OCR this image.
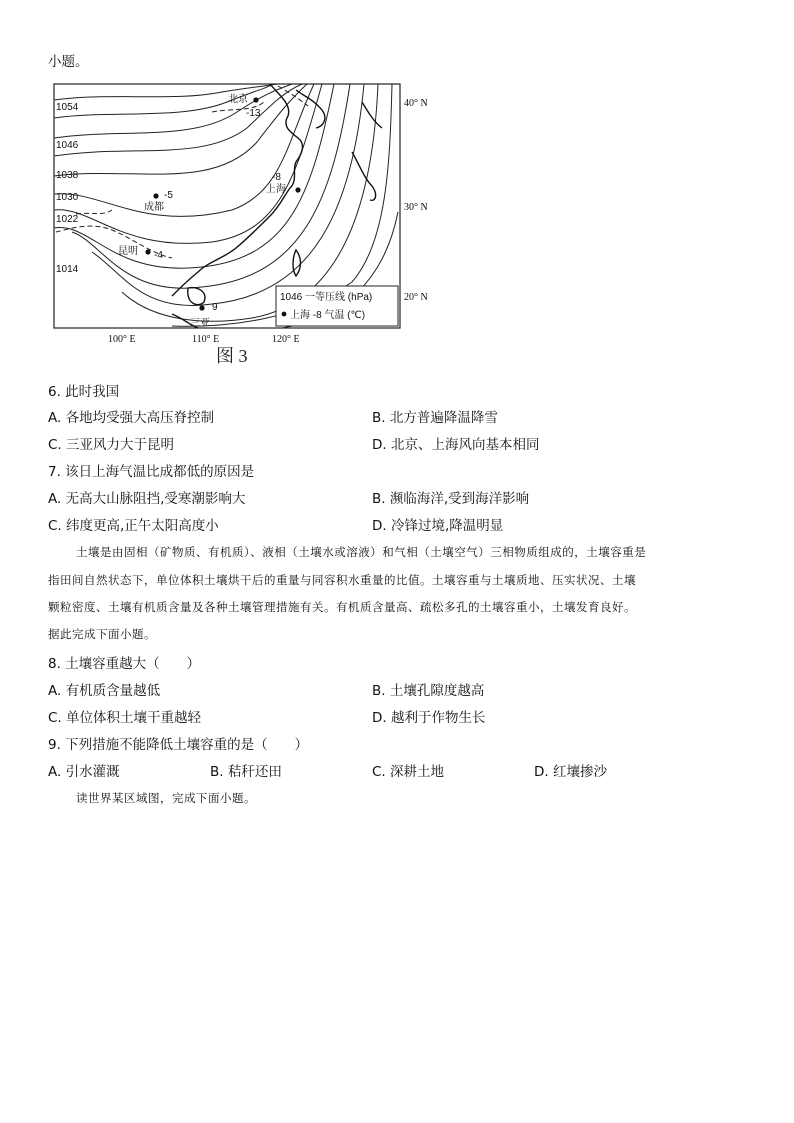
小题。
1054
1046
1038
1030
1022
1014
北京
-13
上海
-8
成都
-5
昆明 -4
三亚
9
1046 一等压线 (hPa)
上海 -8 气温 (℃)
40° N
30° N
20° N
100° E	110° E	120° E
图 3
6. 此时我国
A. 各地均受强大高压脊控制	B. 北方普遍降温降雪
C. 三亚风力大于昆明	D. 北京、上海风向基本相同
7. 该日上海气温比成都低的原因是
A. 无高大山脉阻挡,受寒潮影响大	B. 濒临海洋,受到海洋影响
C. 纬度更高,正午太阳高度小	D. 冷锋过境,降温明显
土壤是由固相（矿物质、有机质）、液相（土壤水或溶液）和气相（土壤空气）三相物质组成的，土壤容重是
指田间自然状态下，单位体积土壤烘干后的重量与同容积水重量的比值。土壤容重与土壤质地、压实状况、土壤
颗粒密度、土壤有机质含量及各种土壤管理措施有关。有机质含量高、疏松多孔的土壤容重小，土壤发育良好。
据此完成下面小题。
8. 土壤容重越大（　　）
A. 有机质含量越低	B. 土壤孔隙度越高
C. 单位体积土壤干重越轻	D. 越利于作物生长
9. 下列措施不能降低土壤容重的是（　　）
A. 引水灌溉	B. 秸秆还田	C. 深耕土地	D. 红壤掺沙
读世界某区域图，完成下面小题。
